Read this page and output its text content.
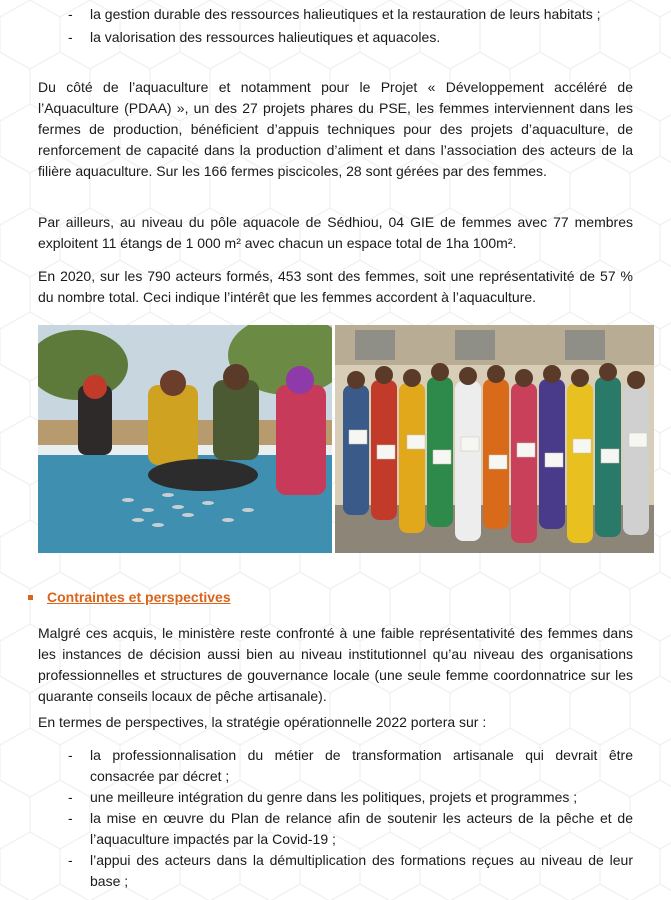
- la gestion durable des ressources halieutiques et la restauration de leurs habitats ;
- la valorisation des ressources halieutiques et aquacoles.

Du côté de l’aquaculture et notamment pour le Projet « Développement accéléré de l’Aquaculture (PDAA) », un des 27 projets phares du PSE, les femmes interviennent dans les fermes de production, bénéficient d’appuis techniques pour des projets d’aquaculture, de renforcement de capacité dans la production d’aliment et dans l’association des acteurs de la filière aquaculture. Sur les 166 fermes piscicoles, 28 sont gérées par des femmes.

Par ailleurs, au niveau du pôle aquacole de Sédhiou, 04 GIE de femmes avec 77 membres exploitent 11 étangs de 1 000 m² avec chacun un espace total de 1ha 100m².

En 2020, sur les 790 acteurs formés, 453 sont des femmes, soit une représentativité de 57 % du nombre total. Ceci indique l’intérêt que les femmes accordent à l’aquaculture.

Contraintes et perspectives

Malgré ces acquis, le ministère reste confronté à une faible représentativité des femmes dans les instances de décision aussi bien au niveau institutionnel qu’au niveau des organisations professionnelles et structures de gouvernance locale (une seule femme coordonnatrice sur les quarante conseils locaux de pêche artisanale).

En termes de perspectives, la stratégie opérationnelle 2022 portera sur :

- la professionnalisation du métier de transformation artisanale qui devrait être consacrée par décret ;
- une meilleure intégration du genre dans les politiques, projets et programmes ;
- la mise en œuvre du Plan de relance afin de soutenir les acteurs de la pêche et de l’aquaculture impactés par la Covid-19 ;
- l’appui des acteurs dans la démultiplication des formations reçues au niveau de leur base ;
